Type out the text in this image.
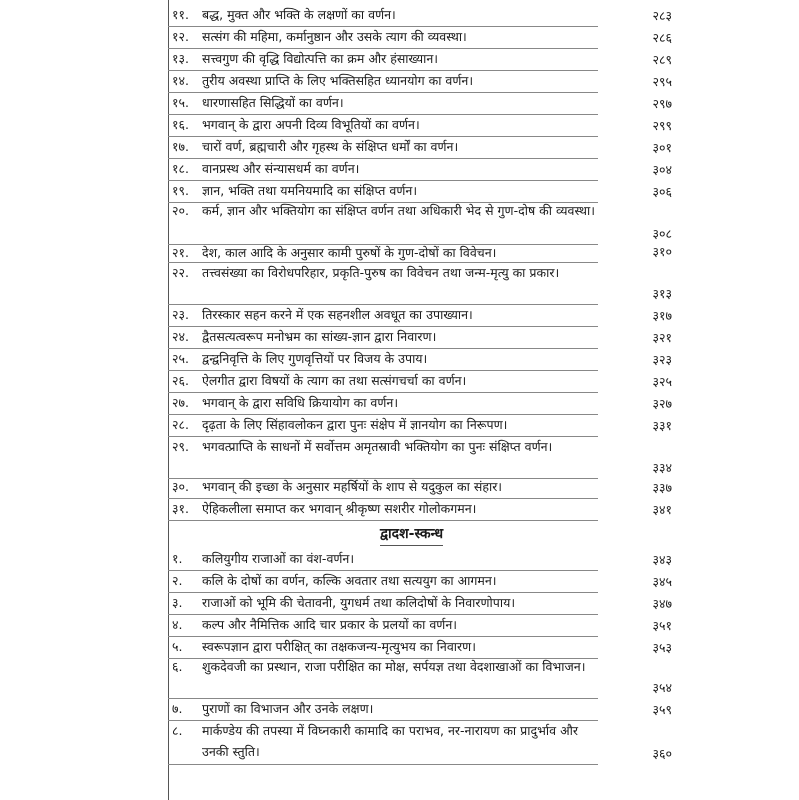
११.	बद्ध, मुक्त और भक्ति के लक्षणों का वर्णन।	२८३
१२.	सत्संग की महिमा, कर्मानुष्ठान और उसके त्याग की व्यवस्था।	२८६
१३.	सत्त्वगुण की वृद्धि विद्योत्पत्ति का क्रम और हंसाख्यान।	२८९
१४.	तुरीय अवस्था प्राप्ति के लिए भक्तिसहित ध्यानयोग का वर्णन।	२९५
१५.	धारणासहित सिद्धियों का वर्णन।	२९७
१६.	भगवान् के द्वारा अपनी दिव्य विभूतियों का वर्णन।	२९९
१७.	चारों वर्ण, ब्रह्मचारी और गृहस्थ के संक्षिप्त धर्मों का वर्णन।	३०१
१८.	वानप्रस्थ और संन्यासधर्म का वर्णन।	३०४
१९.	ज्ञान, भक्ति तथा यमनियमादि का संक्षिप्त वर्णन।	३०६
२०.	कर्म, ज्ञान और भक्तियोग का संक्षिप्त वर्णन तथा अधिकारी भेद से गुण-दोष की व्यवस्था।
३०८
२१.	देश, काल आदि के अनुसार कामी पुरुषों के गुण-दोषों का विवेचन।	३१०
२२.	तत्त्वसंख्या का विरोधपरिहार, प्रकृति-पुरुष का विवेचन तथा जन्म-मृत्यु का प्रकार।
३१३
२३.	तिरस्कार सहन करने में एक सहनशील अवधूत का उपाख्यान।	३१७
२४.	द्वैतसत्यत्वरूप मनोभ्रम का सांख्य-ज्ञान द्वारा निवारण।	३२१
२५.	द्वन्द्वनिवृत्ति के लिए गुणवृत्तियों पर विजय के उपाय।	३२३
२६.	ऐलगीत द्वारा विषयों के त्याग का तथा सत्संगचर्चा का वर्णन।	३२५
२७.	भगवान् के द्वारा सविधि क्रियायोग का वर्णन।	३२७
२८.	दृढ़ता के लिए सिंहावलोकन द्वारा पुनः संक्षेप में ज्ञानयोग का निरूपण।	३३१
२९.	भगवत्प्राप्ति के साधनों में सर्वोत्तम अमृतस्रावी भक्तियोग का पुनः संक्षिप्त वर्णन।
३३४
३०.	भगवान् की इच्छा के अनुसार महर्षियों के शाप से यदुकुल का संहार।	३३७
३१.	ऐहिकलीला समाप्त कर भगवान् श्रीकृष्ण सशरीर गोलोकगमन।	३४१
द्वादश-स्कन्ध
१.	कलियुगीय राजाओं का वंश-वर्णन।	३४३
२.	कलि के दोषों का वर्णन, कल्कि अवतार तथा सत्ययुग का आगमन।	३४५
३.	राजाओं को भूमि की चेतावनी, युगधर्म तथा कलिदोषों के निवारणोपाय।	३४७
४.	कल्प और नैमित्तिक आदि चार प्रकार के प्रलयों का वर्णन।	३५१
५.	स्वरूपज्ञान द्वारा परीक्षित् का तक्षकजन्य-मृत्युभय का निवारण।	३५३
६.	शुकदेवजी का प्रस्थान, राजा परीक्षित का मोक्ष, सर्पयज्ञ तथा वेदशाखाओं का विभाजन।
३५४
७.	पुराणों का विभाजन और उनके लक्षण।	३५९
८.	मार्कण्डेय की तपस्या में विघ्नकारी कामादि का पराभव, नर-नारायण का प्रादुर्भाव और उनकी स्तुति।	३६०
